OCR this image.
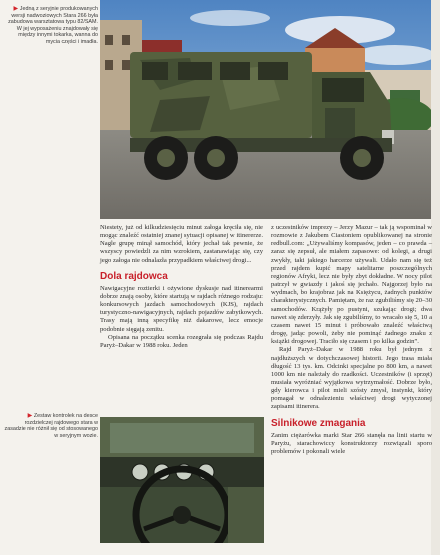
▶ Jedną z seryjnie produkowanych wersji nadwoziowych Stara 266 była zabudowa warsztatowa typu 82/SAM. W jej wyposażeniu znajdowały się między innymi tokarka, wanna do mycia części i imadła.

Niestety, już od kilkudziesięciu minut załoga kręciła się, nie mogąc znaleźć ostatniej znanej sytuacji opisanej w itinererze. Nagle grupę minął samochód, który jechał tak pewnie, że wszyscy powiedzli za nim wzrokiem, zastanawiając się, czy jego załoga nie odnalazła przypadkiem właściwej drogi...

Dola rajdowca

Nawigacyjne roztierki i ożywione dyskusje nad itinerearmi dobrze znają osoby, które startują w rajdach różnego rodzaju: konkursowych jazdach samochodowych (KJS), rajdach turystyczno-nawigacyjnych, rajdach pojazdów zabytkowych. Trasy mają inną specyfikę niż dakarowe, lecz emocje podobnie sięgają zenitu.

Opisana na początku scenka rozegrała się podczas Rajdu Paryż–Dakar w 1988 roku. Jeden

z uczestników imprezy – Jerzy Mazur – tak ją wspominał w rozmowie z Jakubem Ciastoniem opublikowanej na stronie redbull.com: „Używaliśmy kompasów, jeden – co prawda – zaraz się zepsuł, ale miałem zapasowe: od kolegi, a drugi zwykły, taki jakiego harcerze używali. Udało nam się też przed rajdem kupić mapy satelitarne poszczególnych regionów Afryki, lecz nie były zbyt dokładne. W nocy pilot patrzył w gwiazdy i jakoś się jechało. Najgorzej było na wydmach, bo krajobraz jak na Księżycu, żadnych punktów charakterystycznych. Pamiętam, że raz zgubiliśmy się 20–30 samochodów. Krążyły po pustyni, szukając drogi; dwa nawet się zderzyły. Jak się zgubiliśmy, to wracało się 5, 10 a czasem nawet 15 minut i próbowało znaleźć właściwą drogę, jadąc powoli, żeby nie pominąć żadnego znaku z książki drogowej. Traciło się czasem i po kilka godzin”.

Rajd Paryż–Dakar w 1988 roku był jednym z najdłuższych w dotychczasowej historii. Jego trasa miała długość 13 tys. km. Odcinki specjalne po 800 km, a nawet 1000 km nie należały do rzadkości. Uczestników (i sprzęt) musiała wyróżniać wyjątkowa wytrzymałość. Dobrze było, gdy kierowca i pilot mieli szósty zmysł, instynkt, który pomagał w odnalezieniu właściwej drogi wytyczonej zapisami itinerera.

Silnikowe zmagania

Zanim ciężarówka marki Star 266 stanęła na linii startu w Paryżu, starachowiccy konstruktorzy rozwiązali sporo problemów i pokonali wiele

▶ Zestaw kontrolek na desce rozdzielczej rajdowego stara w zasadzie nie różnił się od stosowanego w seryjnym wozie.
